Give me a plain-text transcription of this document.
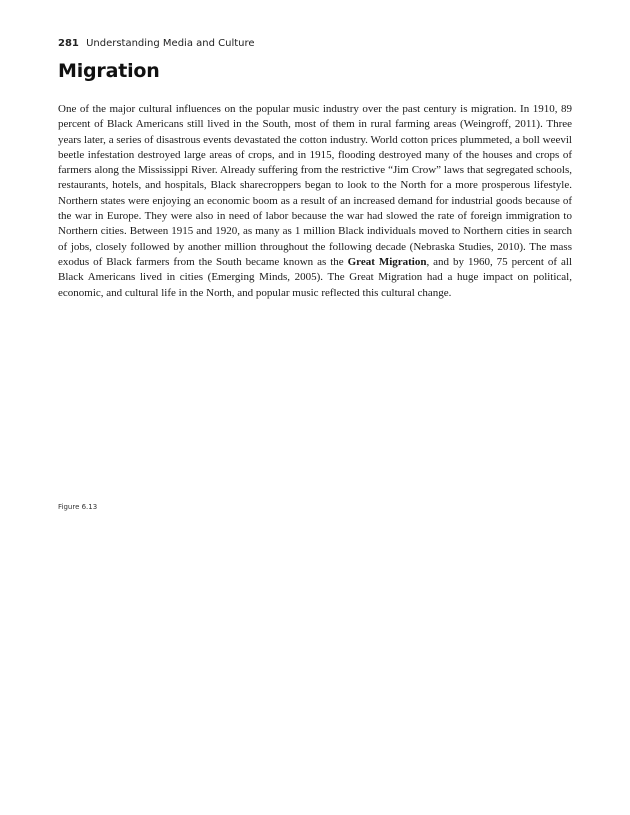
281 Understanding Media and Culture
Migration

One of the major cultural influences on the popular music industry over the past century is migration. In 1910, 89 percent of Black Americans still lived in the South, most of them in rural farming areas (Weingroff, 2011). Three years later, a series of disastrous events devastated the cotton industry. World cotton prices plummeted, a boll weevil beetle infestation destroyed large areas of crops, and in 1915, flooding destroyed many of the houses and crops of farmers along the Mississippi River. Already suffering from the restrictive “Jim Crow” laws that segregated schools, restaurants, hotels, and hospitals, Black sharecroppers began to look to the North for a more prosperous lifestyle. Northern states were enjoying an economic boom as a result of an increased demand for industrial goods because of the war in Europe. They were also in need of labor because the war had slowed the rate of foreign immigration to Northern cities. Between 1915 and 1920, as many as 1 million Black individuals moved to Northern cities in search of jobs, closely followed by another million throughout the following decade (Nebraska Studies, 2010). The mass exodus of Black farmers from the South became known as the Great Migration, and by 1960, 75 percent of all Black Americans lived in cities (Emerging Minds, 2005). The Great Migration had a huge impact on political, economic, and cultural life in the North, and popular music reflected this cultural change.

Figure 6.13
